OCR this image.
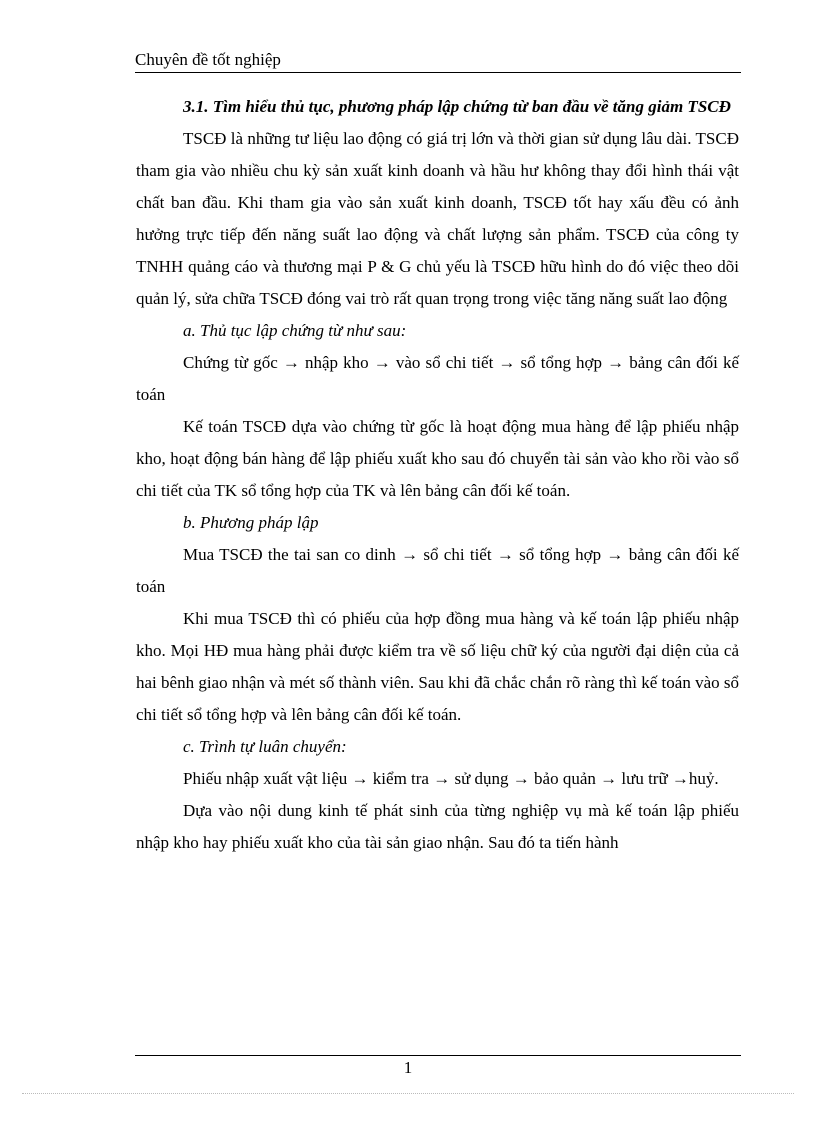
Chuyên đề tốt nghiệp

3.1. Tìm hiểu thủ tục, phương pháp lập chứng từ ban đầu về tăng giảm TSCĐ

TSCĐ là những tư liệu lao động có giá trị lớn và thời gian sử dụng lâu dài. TSCĐ tham gia vào nhiều chu kỳ sản xuất kinh doanh và hầu hư không thay đổi hình thái vật chất ban đầu. Khi tham gia vào sản xuất kinh doanh, TSCĐ tốt hay xấu đều có ảnh hưởng trực tiếp đến năng suất lao động và chất lượng sản phẩm. TSCĐ của công ty TNHH quảng cáo và thương mại P & G chủ yếu là TSCĐ hữu hình do đó việc theo dõi quản lý, sửa chữa TSCĐ đóng vai trò rất quan trọng trong việc tăng năng suất lao động

a. Thủ tục lập chứng từ như sau:

Chứng từ gốc → nhập kho → vào sổ chi tiết → sổ tổng hợp → bảng cân đối kế toán

Kế toán TSCĐ dựa vào chứng từ gốc là hoạt động mua hàng để lập phiếu nhập kho, hoạt động bán hàng để lập phiếu xuất kho sau đó chuyển tài sản vào kho rồi vào sổ chi tiết của TK sổ tổng hợp của TK và lên bảng cân đối kế toán.

b. Phương pháp lập

Mua TSCĐ the tai san co dinh → sổ chi tiết → sổ tổng hợp → bảng cân đối kế toán

Khi mua TSCĐ thì có phiếu của hợp đồng mua hàng và kế toán lập phiếu nhập kho. Mọi HĐ mua hàng phải được kiểm tra về số liệu chữ ký của người đại diện của cả hai bênh giao nhận và mét số thành viên. Sau khi đã chắc chắn rõ ràng thì kế toán vào sổ chi tiết sổ tổng hợp và lên bảng cân đối kế toán.

c. Trình tự luân chuyển:

Phiếu nhập xuất vật liệu → kiểm tra → sử dụng → bảo quản → lưu trữ →huỷ.

Dựa vào nội dung kinh tế phát sinh của từng nghiệp vụ mà kế toán lập phiếu nhập kho hay phiếu xuất kho của tài sản giao nhận. Sau đó ta tiến hành

1
